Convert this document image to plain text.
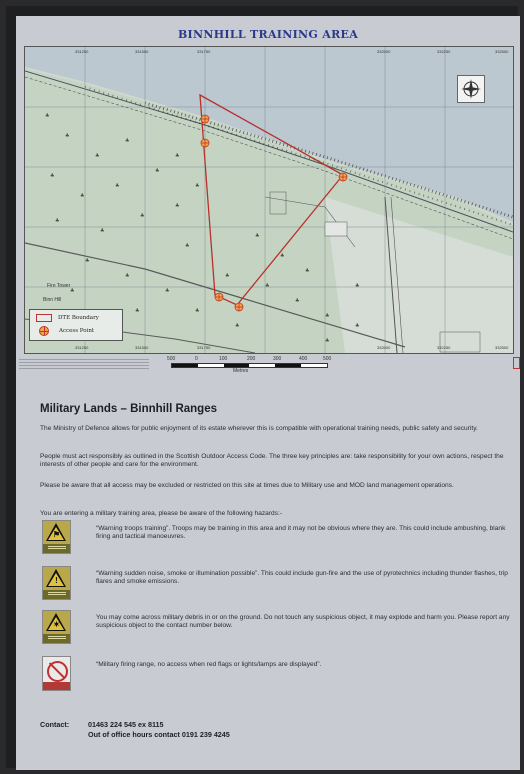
BINNHILL TRAINING AREA
♣
♣
♣
♣
♣
♣
♣
♣
♣
♣
♣
♣
♣
♣
♣
♣
♣
♣
♣
♣
♣
♣
♣
♣
♣
♣
♣
♣
♣
♣
♣
♣
331250	331500	331750	332000	332250	332500
331250	331500	331750	332000	332250	332500
Fire Tower
Binn Hill
DTE Boundary
Access Point
500	0	100	200	300	400	500
Metres
Military Lands – Binnhill Ranges
The Ministry of Defence allows for public enjoyment of its estate wherever this is compatible with operational training needs, public safety and security.
People must act responsibly as outlined in the Scottish Outdoor Access Code. The three key principles are: take responsibility for your own actions, respect the interests of other people and care for the environment.
Please be aware that all access may be excluded or restricted on this site at times due to Military use and MOD land management operations.
You are entering a military training area, please be aware of the following hazards:-
⚑
“Warning troops training”. Troops may be training in this area and it may not be obvious where they are. This could include ambushing, blank firing and tactical manoeuvres.
!
“Warning sudden noise, smoke or illumination possible”. This could include gun-fire and the use of pyrotechnics including thunder flashes, trip flares and smoke emissions.
✶
You may come across military debris in or on the ground. Do not touch any suspicious object, it may explode and harm you. Please report any suspicious object to the contact number below.
“Military firing range, no access when red flags or lights/lamps are displayed”.
Contact:	01463 224 545 ex 8115
Out of office hours contact 0191 239 4245
